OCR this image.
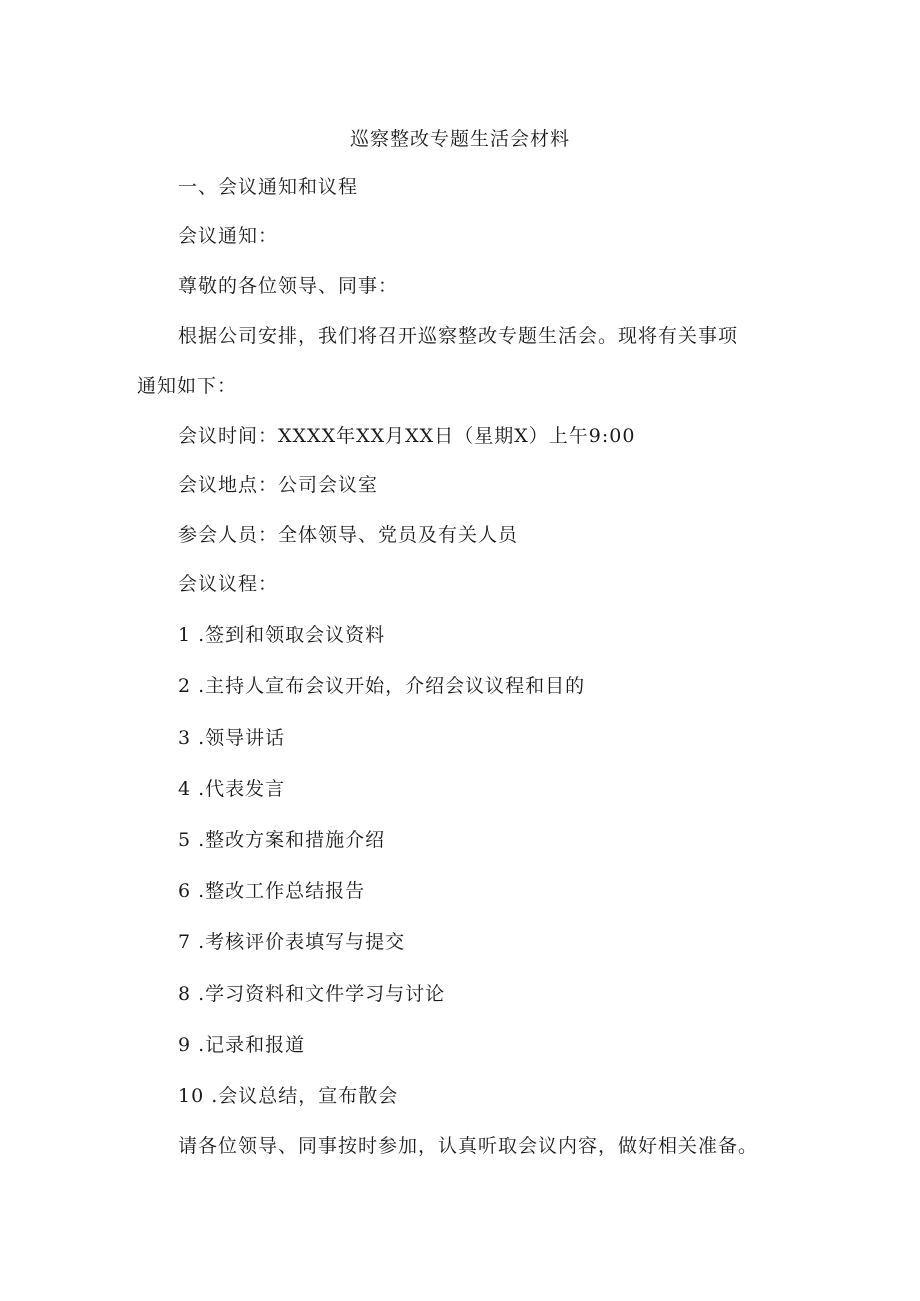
巡察整改专题生活会材料

一、会议通知和议程

会议通知：

尊敬的各位领导、同事：

根据公司安排，我们将召开巡察整改专题生活会。现将有关事项

通知如下：

会议时间：XXXX年XX月XX日（星期X）上午9:00

会议地点：公司会议室

参会人员：全体领导、党员及有关人员

会议议程：

1 .签到和领取会议资料

2 .主持人宣布会议开始，介绍会议议程和目的

3 .领导讲话

4 .代表发言

5 .整改方案和措施介绍

6 .整改工作总结报告

7 .考核评价表填写与提交

8 .学习资料和文件学习与讨论

9 .记录和报道

10 .会议总结，宣布散会

请各位领导、同事按时参加，认真听取会议内容，做好相关准备。
